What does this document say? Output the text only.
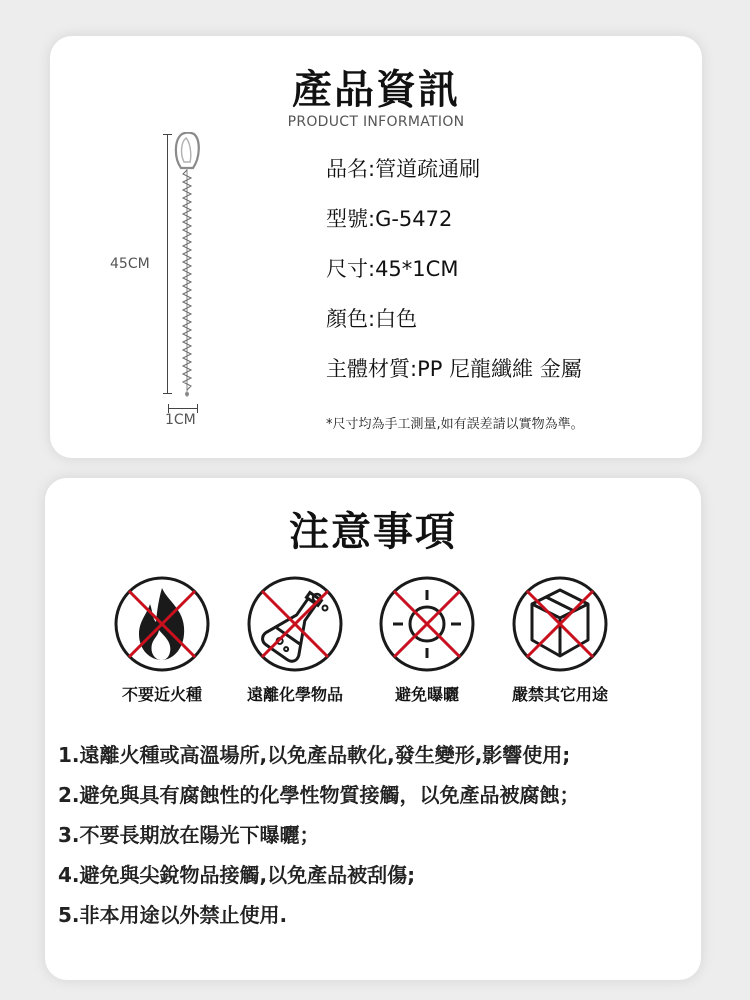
產品資訊
PRODUCT INFORMATION
45CM
1CM
品名:管道疏通刷
型號:G-5472
尺寸:45*1CM
顏色:白色
主體材質:PP 尼龍纖維 金屬
*尺寸均為手工測量,如有誤差請以實物為準。
注意事項
不要近火種	遠離化學物品	避免曝曬	嚴禁其它用途
1.遠離火種或高溫場所,以免產品軟化,發生變形,影響使用;
2.避免與具有腐蝕性的化學性物質接觸，以免產品被腐蝕；
3.不要長期放在陽光下曝曬；
4.避免與尖銳物品接觸,以免產品被刮傷;
5.非本用途以外禁止使用.
